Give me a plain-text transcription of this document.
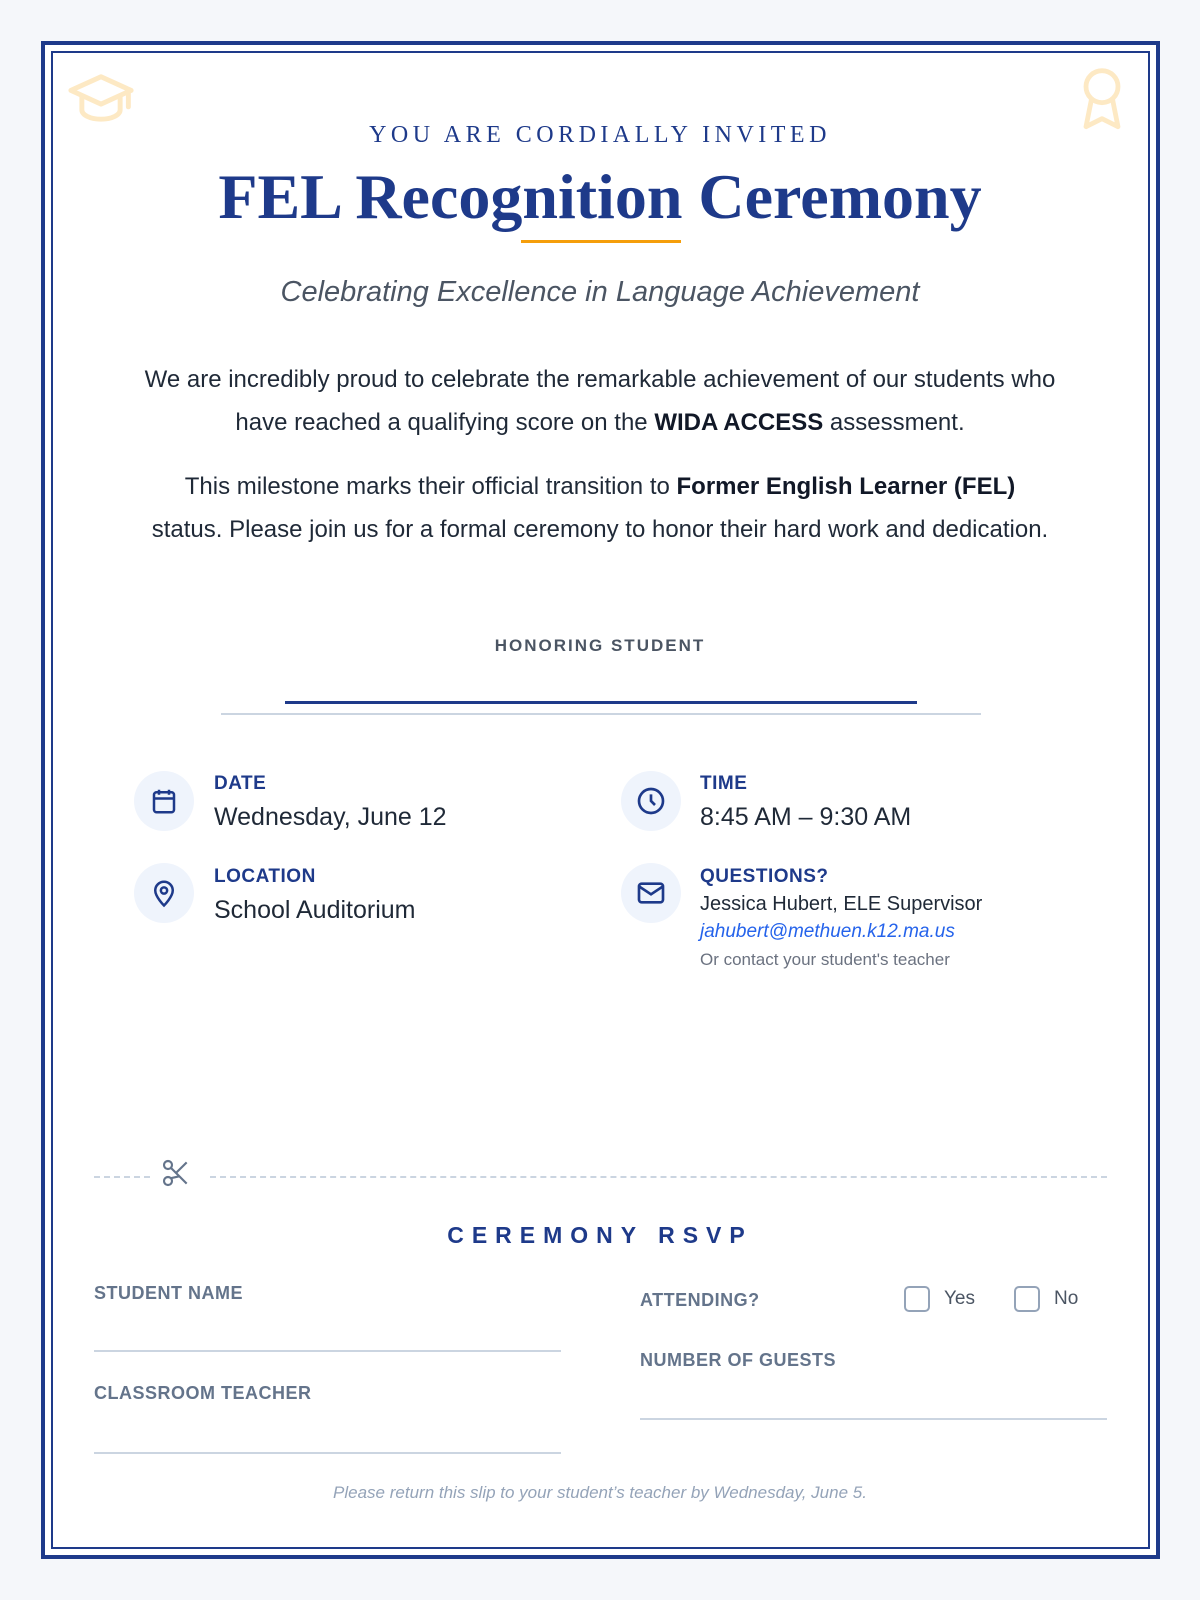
YOU ARE CORDIALLY INVITED
FEL Recognition Ceremony
Celebrating Excellence in Language Achievement

We are incredibly proud to celebrate the remarkable achievement of our students who have reached a qualifying score on the WIDA ACCESS assessment.

This milestone marks their official transition to Former English Learner (FEL) status. Please join us for a formal ceremony to honor their hard work and dedication.

HONORING STUDENT
DATE
Wednesday, June 12
TIME
8:45 AM – 9:30 AM
LOCATION
School Auditorium
QUESTIONS?
Jessica Hubert, ELE Supervisor
jahubert@methuen.k12.ma.us
Or contact your student's teacher
CEREMONY RSVP
STUDENT NAME
CLASSROOM TEACHER
ATTENDING?	Yes	No
NUMBER OF GUESTS
Please return this slip to your student’s teacher by Wednesday, June 5.
